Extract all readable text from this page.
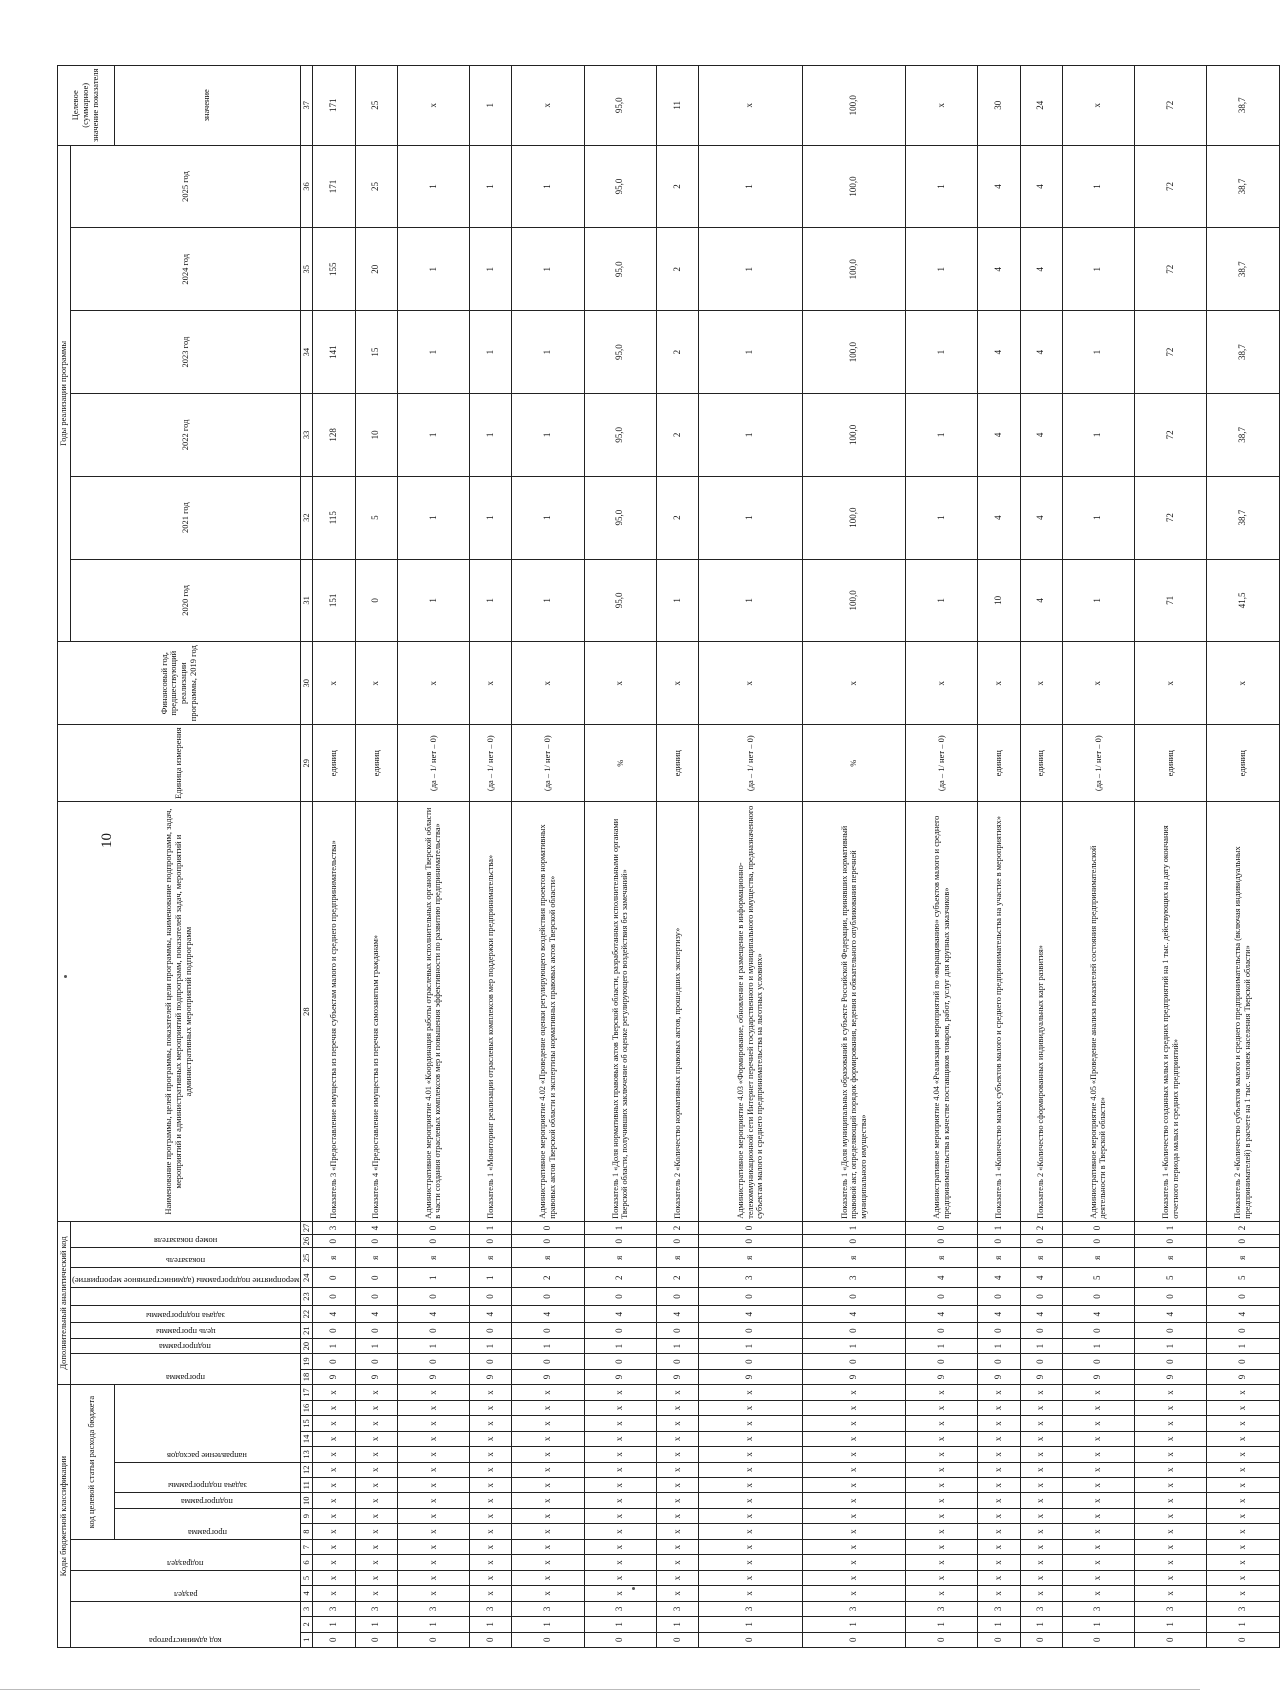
10
Коды бюджетной классификации																	Дополнительный аналитический код										Наименование программы, целей программы, показателей цели программы, наименование подпрограмм, задач, мероприятий и административных мероприятий подпрограмм, показателей задач, мероприятий и административных мероприятий подпрограмм	Единица измерения	Финансовый год, предшествующий реализации программы, 2019 год	Годы реализации программы						Целевое (суммарное) значение показателя

код администратора			раздел		подраздел		код целевой статьи расхода бюджета										программа		подпрограмма	цель программы	задача подпрограммы		мероприятие подпрограммы (административное мероприятие)	показатель	номер показателя					2020 год	2021 год	2022 год	2023 год	2024 год	2025 год	

							программа		подпрограмма	задача подпрограммы		направление расходов																								значение
1	2	3	4	5	6	7	8	9	10	11	12	13	14	15	16	17	18	19	20	21	22	23	24	25	26	27	28	29	30	31	32	33	34	35	36	37
0	1	3	х	х	х	х	х	х	х	х	х	х	х	х	х	х	9	0	1	0	4	0	0	я	0	3	Показатель 3 «Предоставление имущества из перечня субъектам малого и среднего предпринимательства»	единиц	х	151	115	128	141	155	171	171
0	1	3	х	х	х	х	х	х	х	х	х	х	х	х	х	х	9	0	1	0	4	0	0	я	0	4	Показатель 4 «Предоставление имущества из перечня самозанятым гражданам»	единиц	х	0	5	10	15	20	25	25
0	1	3	х	х	х	х	х	х	х	х	х	х	х	х	х	х	9	0	1	0	4	0	1	я	0	0	Административное мероприятие 4.01 «Координация работы отраслевых исполнительных органов Тверской области в части создания отраслевых комплексов мер и повышения эффективности по развитию предпринимательства»	(да – 1/ нет – 0)	х	1	1	1	1	1	1	х
0	1	3	х	х	х	х	х	х	х	х	х	х	х	х	х	х	9	0	1	0	4	0	1	я	0	1	Показатель 1 «Мониторинг реализации отраслевых комплексов мер поддержки предпринимательства»	(да – 1/ нет – 0)	х	1	1	1	1	1	1	1
0	1	3	х	х	х	х	х	х	х	х	х	х	х	х	х	х	9	0	1	0	4	0	2	я	0	0	Административное мероприятие 4.02 «Проведение оценки регулирующего воздействия проектов нормативных правовых актов Тверской области и экспертизы нормативных правовых актов Тверской области»	(да – 1/ нет – 0)	х	1	1	1	1	1	1	х
0	1	3	х	х	х	х	х	х	х	х	х	х	х	х	х	х	9	0	1	0	4	0	2	я	0	1	Показатель 1 «Доля нормативных правовых актов Тверской области, разработанных исполнительными органами Тверской области, получивших заключение об оценке регулирующего воздействия без замечаний»	%	х	95,0	95,0	95,0	95,0	95,0	95,0	95,0
0	1	3	х	х	х	х	х	х	х	х	х	х	х	х	х	х	9	0	1	0	4	0	2	я	0	2	Показатель 2 «Количество нормативных правовых актов, прошедших экспертизу»	единиц	х	1	2	2	2	2	2	11
0	1	3	х	х	х	х	х	х	х	х	х	х	х	х	х	х	9	0	1	0	4	0	3	я	0	0	Административное мероприятие 4.03 «Формирование, обновление и размещение в информационно-телекоммуникационной сети Интернет перечней государственного и муниципального имущества, предназначенного субъектам малого и среднего предпринимательства на льготных условиях»	(да – 1/ нет – 0)	х	1	1	1	1	1	1	х
0	1	3	х	х	х	х	х	х	х	х	х	х	х	х	х	х	9	0	1	0	4	0	3	я	0	1	Показатель 1 «Доля муниципальных образований в субъекте Российской Федерации, принявших нормативный правовой акт, определяющий порядок формирования, ведения и обязательного опубликования перечней муниципального имущества»	%	х	100,0	100,0	100,0	100,0	100,0	100,0	100,0
0	1	3	х	х	х	х	х	х	х	х	х	х	х	х	х	х	9	0	1	0	4	0	4	я	0	0	Административное мероприятие 4.04 «Реализация мероприятий по «выращиванию» субъектов малого и среднего предпринимательства в качестве поставщиков товаров, работ, услуг для крупных заказчиков»	(да – 1/ нет – 0)	х	1	1	1	1	1	1	х
0	1	3	х	х	х	х	х	х	х	х	х	х	х	х	х	х	9	0	1	0	4	0	4	я	0	1	Показатель 1 «Количество малых субъектов малого и среднего предпринимательства на участие в мероприятиях»	единиц	х	10	4	4	4	4	4	30
0	1	3	х	х	х	х	х	х	х	х	х	х	х	х	х	х	9	0	1	0	4	0	4	я	0	2	Показатель 2 «Количество сформированных индивидуальных карт развития»	единиц	х	4	4	4	4	4	4	24
0	1	3	х	х	х	х	х	х	х	х	х	х	х	х	х	х	9	0	1	0	4	0	5	я	0	0	Административное мероприятие 4.05 «Проведение анализа показателей состояния предпринимательской деятельности в Тверской области»	(да – 1/ нет – 0)	х	1	1	1	1	1	1	х
0	1	3	х	х	х	х	х	х	х	х	х	х	х	х	х	х	9	0	1	0	4	0	5	я	0	1	Показатель 1 «Количество созданных малых и средних предприятий на 1 тыс. действующих на дату окончания отчетного периода малых и средних предприятий»	единиц	х	71	72	72	72	72	72	72
0	1	3	х	х	х	х	х	х	х	х	х	х	х	х	х	х	9	0	1	0	4	0	5	я	0	2	Показатель 2 «Количество субъектов малого и среднего предпринимательства (включая индивидуальных предпринимателей) в расчете на 1 тыс. человек населения Тверской области»	единиц	х	41,5	38,7	38,7	38,7	38,7	38,7	38,7
